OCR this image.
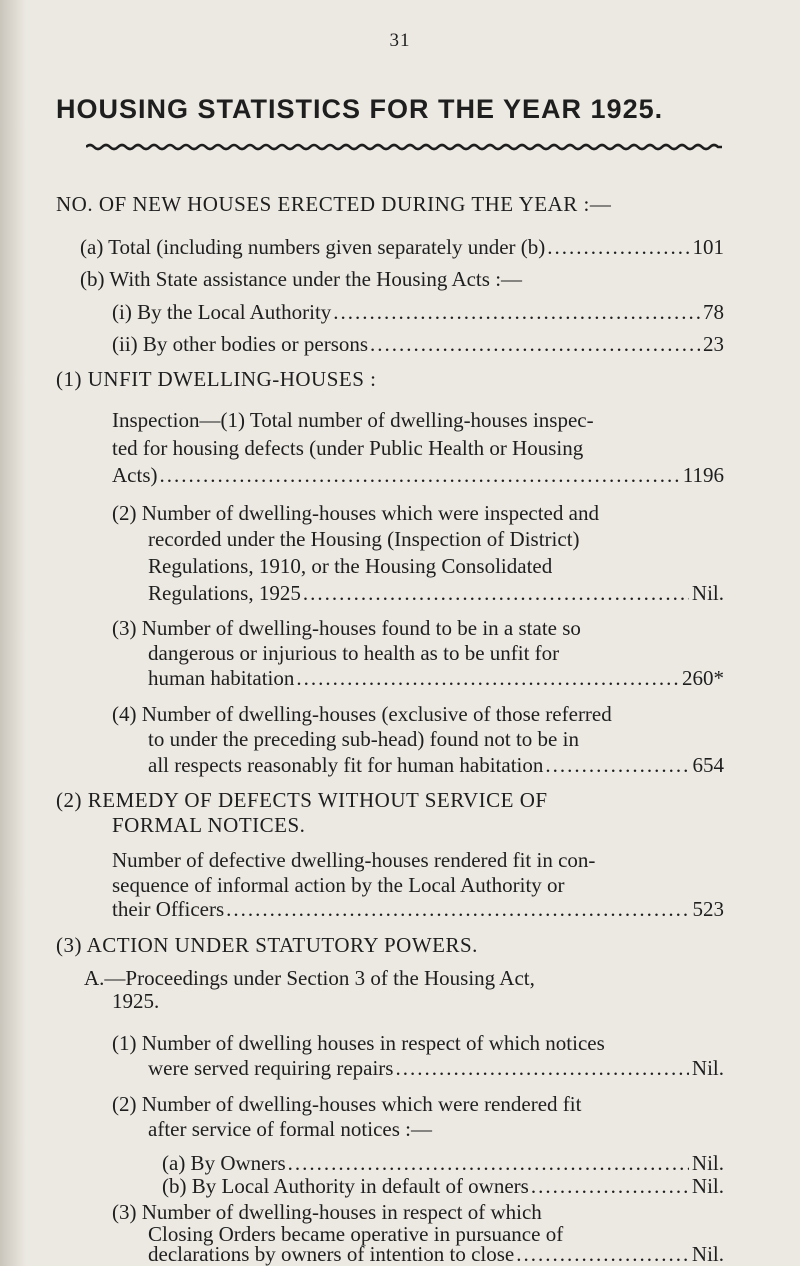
31
HOUSING STATISTICS FOR THE YEAR 1925.
NO. OF NEW HOUSES ERECTED DURING THE YEAR :—
(a) Total (including numbers given separately under (b) .....	101
(b) With State assistance under the Housing Acts :—
(i) By the Local Authority .....	78
(ii) By other bodies or persons .....	23
(1) UNFIT DWELLING-HOUSES :
Inspection—(1) Total number of dwelling-houses inspec-
ted for housing defects (under Public Health or Housing
Acts) .....	1196
(2) Number of dwelling-houses which were inspected and
recorded under the Housing (Inspection of District)
Regulations, 1910, or the Housing Consolidated
Regulations, 1925 .....	Nil.
(3) Number of dwelling-houses found to be in a state so
dangerous or injurious to health as to be unfit for
human habitation .....	260*
(4) Number of dwelling-houses (exclusive of those referred
to under the preceding sub-head) found not to be in
all respects reasonably fit for human habitation .....	654
(2) REMEDY OF DEFECTS WITHOUT SERVICE OF
FORMAL NOTICES.
Number of defective dwelling-houses rendered fit in con-
sequence of informal action by the Local Authority or
their Officers .....	523
(3) ACTION UNDER STATUTORY POWERS.
A.—Proceedings under Section 3 of the Housing Act,
1925.
(1) Number of dwelling houses in respect of which notices
were served requiring repairs .....	Nil.
(2) Number of dwelling-houses which were rendered fit
after service of formal notices :—
(a) By Owners .....	Nil.
(b) By Local Authority in default of owners .....	Nil.
(3) Number of dwelling-houses in respect of which
Closing Orders became operative in pursuance of
declarations by owners of intention to close .....	Nil.
